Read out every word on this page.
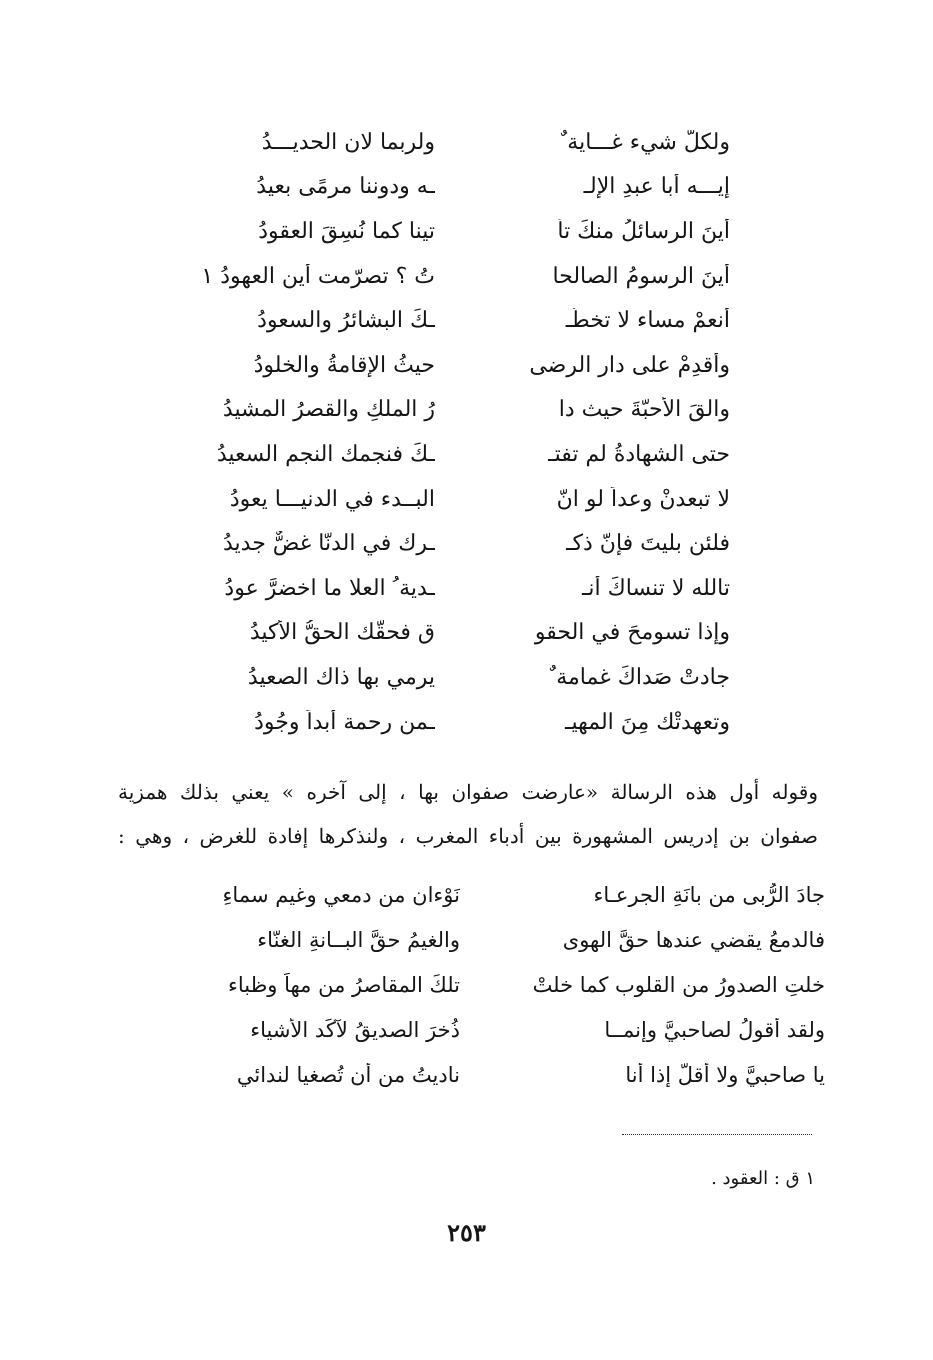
ولكلّ شيء غـــاية ٌ
ولربما لان الحديـــدُ
إيـــه أبا عبدِ الإلـ
ـه ودوننا مرمًى بعيدُ
أينَ الرسائلُ منكَ تأ
تينا كما نُسِقَ العقودُ
أينَ الرسومُ الصالحا
تُ ؟ تصرّمت أين العهودُ ١
أنعمْ مساء لا تخطّـ
ـكَ البشائرُ والسعودُ
وأقدِمْ على دارِ الرضى
حيثُ الإقامةُ والخلودُ
والقَ الأحبّةَ حيث دا
رُ الملكِ والقصرُ المشيدُ
حتى الشهادةُ لم تفتـ
ـكَ فنجمك النجم السعيدُ
لا تبعدنْ وعداً لو انّ
البــدء في الدنيـــا يعودُ
فلئن بليتَ فإنّ ذكـ
ـرك في الدنّا غضٌّ جديدُ
تالله لا تنساكَ أنـ
ـدية ُ العلا ما اخضرَّ عودُ
وإذا تسومحَ في الحقو
قِ فحقُّك الحقُّ الأكيدُ
جادتْ صَداكَ غمامة ٌ
يرمي بها ذاك الصعيدُ
وتعهدتْك مِنَ المهيـ
ـمنِ رحمة أبداً وجُودُ

وقوله أول هذه الرسالة «عارضت صفوان بها ، إلى آخره » يعني بذلك همزية

صفوان بن إدريس المشهورة بين أدباء المغرب ، ولنذكرها إفادة للغرض ، وهي :

جادَ الرُّبى من بانَةِ الجرعـاء
نَوْءانِ من دمعي وغيم سماءِ
فالدمعُ يقضي عندها حقَّ الهوى
والغيمُ حقَّ البــانةِ الغنّاء
خلتِ الصدورُ من القلوب كما خلتْ
تلكَ المقاصرُ من مهاً وظباء
ولقد أقولُ لصاحبيَّ وإنمــا
ذُخرَ الصديقُ لآكَد الأشياء
يا صاحبيَّ ولا أقلَّ إذا أنا
ناديتُ من أن تُصغيا لندائي
١ ق : العقود .
٢٥٣
